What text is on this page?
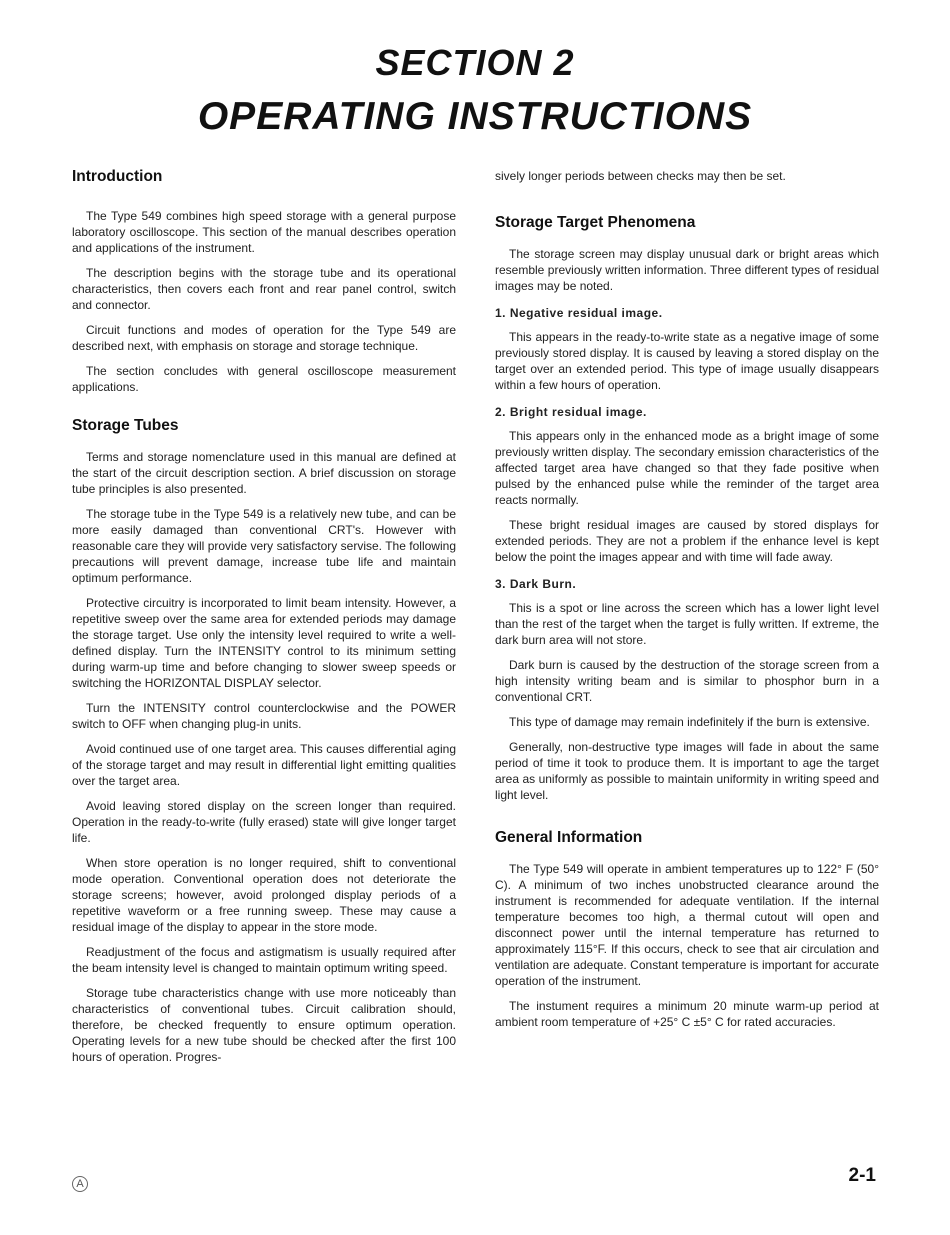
SECTION 2
OPERATING INSTRUCTIONS
Introduction

The Type 549 combines high speed storage with a general purpose laboratory oscilloscope. This section of the manual describes operation and applications of the instrument.

The description begins with the storage tube and its operational characteristics, then covers each front and rear panel control, switch and connector.

Circuit functions and modes of operation for the Type 549 are described next, with emphasis on storage and storage technique.

The section concludes with general oscilloscope measurement applications.

Storage Tubes

Terms and storage nomenclature used in this manual are defined at the start of the circuit description section. A brief discussion on storage tube principles is also presented.

The storage tube in the Type 549 is a relatively new tube, and can be more easily damaged than conventional CRT's. However with reasonable care they will provide very satisfactory servise. The following precautions will prevent damage, increase tube life and maintain optimum performance.

Protective circuitry is incorporated to limit beam intensity. However, a repetitive sweep over the same area for extended periods may damage the storage target. Use only the intensity level required to write a well-defined display. Turn the INTENSITY control to its minimum setting during warm-up time and before changing to slower sweep speeds or switching the HORIZONTAL DISPLAY selector.

Turn the INTENSITY control counterclockwise and the POWER switch to OFF when changing plug-in units.

Avoid continued use of one target area. This causes differential aging of the storage target and may result in differential light emitting qualities over the target area.

Avoid leaving stored display on the screen longer than required. Operation in the ready-to-write (fully erased) state will give longer target life.

When store operation is no longer required, shift to conventional mode operation. Conventional operation does not deteriorate the storage screens; however, avoid prolonged display periods of a repetitive waveform or a free running sweep. These may cause a residual image of the display to appear in the store mode.

Readjustment of the focus and astigmatism is usually required after the beam intensity level is changed to maintain optimum writing speed.

Storage tube characteristics change with use more noticeably than characteristics of conventional tubes. Circuit calibration should, therefore, be checked frequently to ensure optimum operation. Operating levels for a new tube should be checked after the first 100 hours of operation. Progres-

sively longer periods between checks may then be set.

Storage Target Phenomena

The storage screen may display unusual dark or bright areas which resemble previously written information. Three different types of residual images may be noted.

1. Negative residual image.

This appears in the ready-to-write state as a negative image of some previously stored display. It is caused by leaving a stored display on the target over an extended period. This type of image usually disappears within a few hours of operation.

2. Bright residual image.

This appears only in the enhanced mode as a bright image of some previously written display. The secondary emission characteristics of the affected target area have changed so that they fade positive when pulsed by the enhanced pulse while the reminder of the target area reacts normally.

These bright residual images are caused by stored displays for extended periods. They are not a problem if the enhance level is kept below the point the images appear and with time will fade away.

3. Dark Burn.

This is a spot or line across the screen which has a lower light level than the rest of the target when the target is fully written. If extreme, the dark burn area will not store.

Dark burn is caused by the destruction of the storage screen from a high intensity writing beam and is similar to phosphor burn in a conventional CRT.

This type of damage may remain indefinitely if the burn is extensive.

Generally, non-destructive type images will fade in about the same period of time it took to produce them. It is important to age the target area as uniformly as possible to maintain uniformity in writing speed and light level.

General Information

The Type 549 will operate in ambient temperatures up to 122° F (50° C). A minimum of two inches unobstructed clearance around the instrument is recommended for adequate ventilation. If the internal temperature becomes too high, a thermal cutout will open and disconnect power until the internal temperature has returned to approximately 115°F. If this occurs, check to see that air circulation and ventilation are adequate. Constant temperature is important for accurate operation of the instrument.

The instument requires a minimum 20 minute warm-up period at ambient room temperature of +25° C ±5° C for rated accuracies.

A	2-1
